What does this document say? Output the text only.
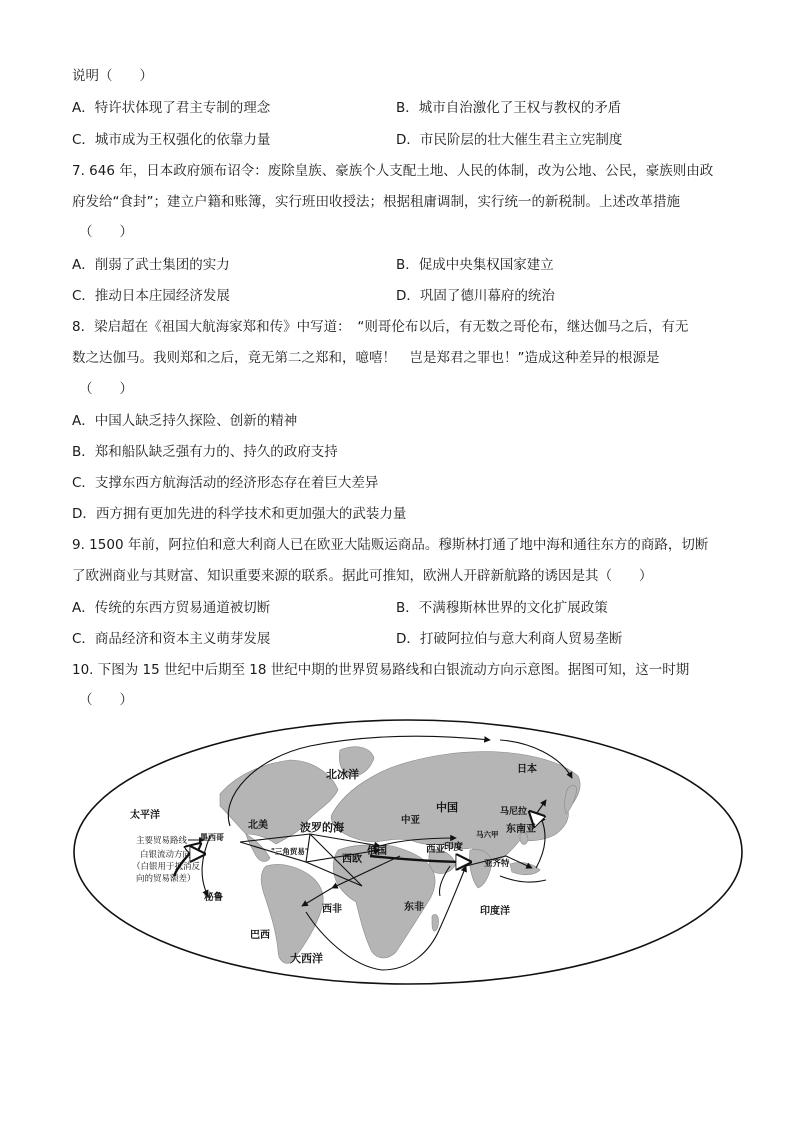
说明（　　）
A．特许状体现了君主专制的理念	B．城市自治激化了王权与教权的矛盾
C．城市成为王权强化的依靠力量	D．市民阶层的壮大催生君主立宪制度
7. 646 年，日本政府颁布诏令：废除皇族、豪族个人支配土地、人民的体制，改为公地、公民，豪族则由政
府发给“食封”；建立户籍和账簿，实行班田收授法；根据租庸调制，实行统一的新税制。上述改革措施
（　　）
A．削弱了武士集团的实力	B．促成中央集权国家建立
C．推动日本庄园经济发展	D．巩固了德川幕府的统治
8．梁启超在《祖国大航海家郑和传》中写道：　“则哥伦布以后，有无数之哥伦布，继达伽马之后，有无
数之达伽马。我则郑和之后，竟无第二之郑和，噫嘻！　岂是郑君之罪也！”造成这种差异的根源是
（　　）
A．中国人缺乏持久探险、创新的精神
B．郑和船队缺乏强有力的、持久的政府支持
C．支撑东西方航海活动的经济形态存在着巨大差异
D．西方拥有更加先进的科学技术和更加强大的武装力量
9. 1500 年前，阿拉伯和意大利商人已在欧亚大陆贩运商品。穆斯林打通了地中海和通往东方的商路，切断
了欧洲商业与其财富、知识重要来源的联系。据此可推知，欧洲人开辟新航路的诱因是其（　　）
A．传统的东西方贸易通道被切断	B．不满穆斯林世界的文化扩展政策
C．商品经济和资本主义萌芽发展	D．打破阿拉伯与意大利商人贸易垄断
10. 下图为 15 世纪中后期至 18 世纪中期的世界贸易路线和白银流动方向示意图。据图可知，这一时期
（　　）
主要贸易路线
白银流动方向
（白银用于抵消反
向的贸易额差）
太平洋
北冰洋	日本
中国	马尼拉
东南亚
马六甲
中亚
西亚
印度
亚齐特
波罗的海
俄国
西欧
北美
"三角贸易"
墨西哥
秘鲁
巴西
西非	东非
大西洋
印度洋
